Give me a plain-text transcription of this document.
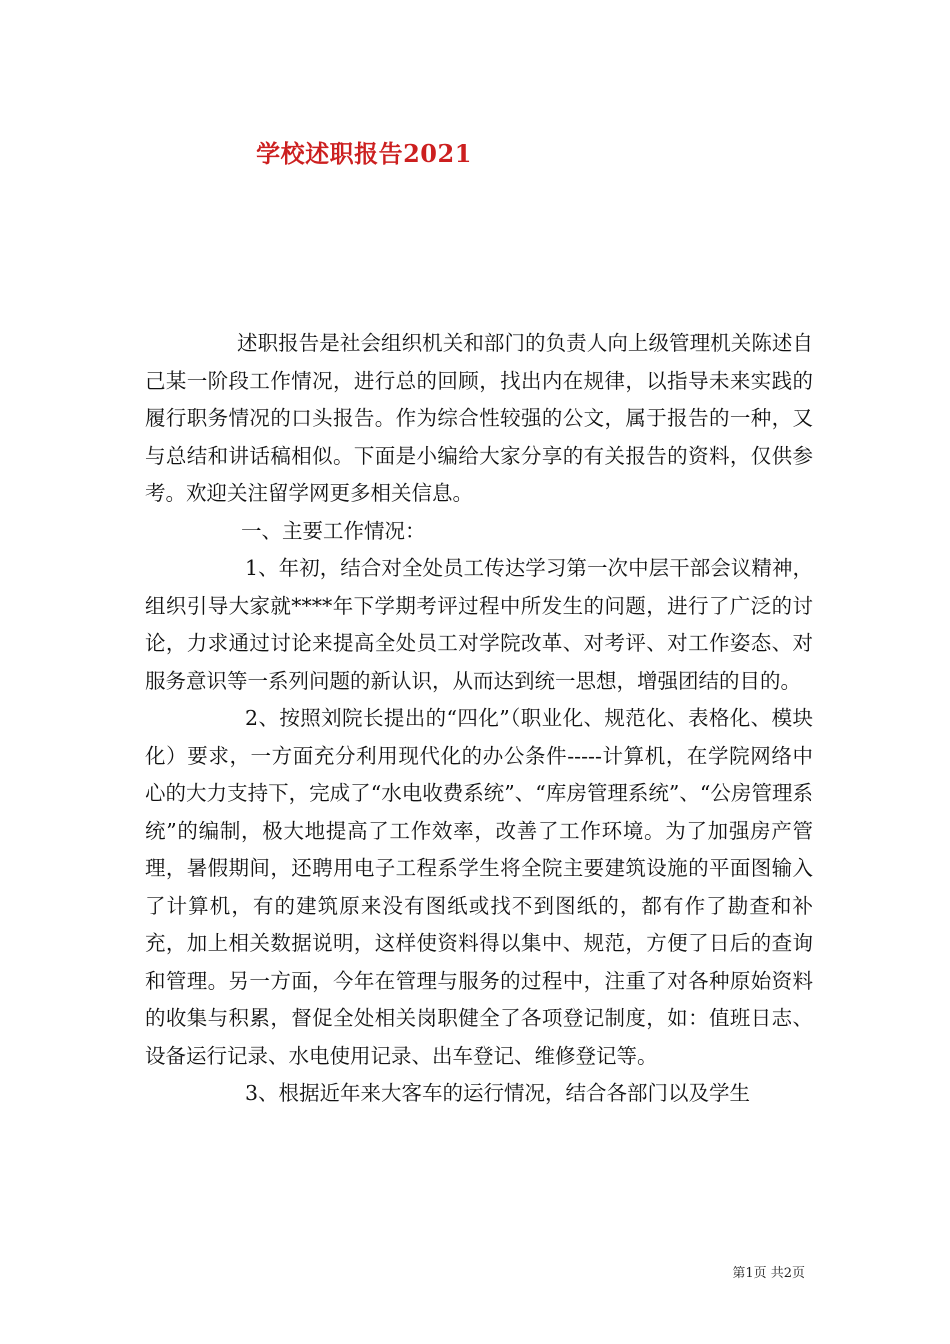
学校述职报告2021

述职报告是社会组织机关和部门的负责人向上级管理机关陈述自己某一阶段工作情况，进行总的回顾，找出内在规律，以指导未来实践的履行职务情况的口头报告。作为综合性较强的公文，属于报告的一种，又与总结和讲话稿相似。下面是小编给大家分享的有关报告的资料，仅供参考。欢迎关注留学网更多相关信息。

一、主要工作情况：

1、年初，结合对全处员工传达学习第一次中层干部会议精神，组织引导大家就****年下学期考评过程中所发生的问题，进行了广泛的讨论，力求通过讨论来提高全处员工对学院改革、对考评、对工作姿态、对服务意识等一系列问题的新认识，从而达到统一思想，增强团结的目的。

2、按照刘院长提出的“四化”（职业化、规范化、表格化、模块化）要求，一方面充分利用现代化的办公条件-----计算机，在学院网络中心的大力支持下，完成了“水电收费系统”、“库房管理系统”、“公房管理系统”的编制，极大地提高了工作效率，改善了工作环境。为了加强房产管理，暑假期间，还聘用电子工程系学生将全院主要建筑设施的平面图输入了计算机，有的建筑原来没有图纸或找不到图纸的，都有作了勘查和补充，加上相关数据说明，这样使资料得以集中、规范，方便了日后的查询和管理。另一方面，今年在管理与服务的过程中，注重了对各种原始资料的收集与积累，督促全处相关岗职健全了各项登记制度，如：值班日志、设备运行记录、水电使用记录、出车登记、维修登记等。

3、根据近年来大客车的运行情况，结合各部门以及学生

第1页 共2页
